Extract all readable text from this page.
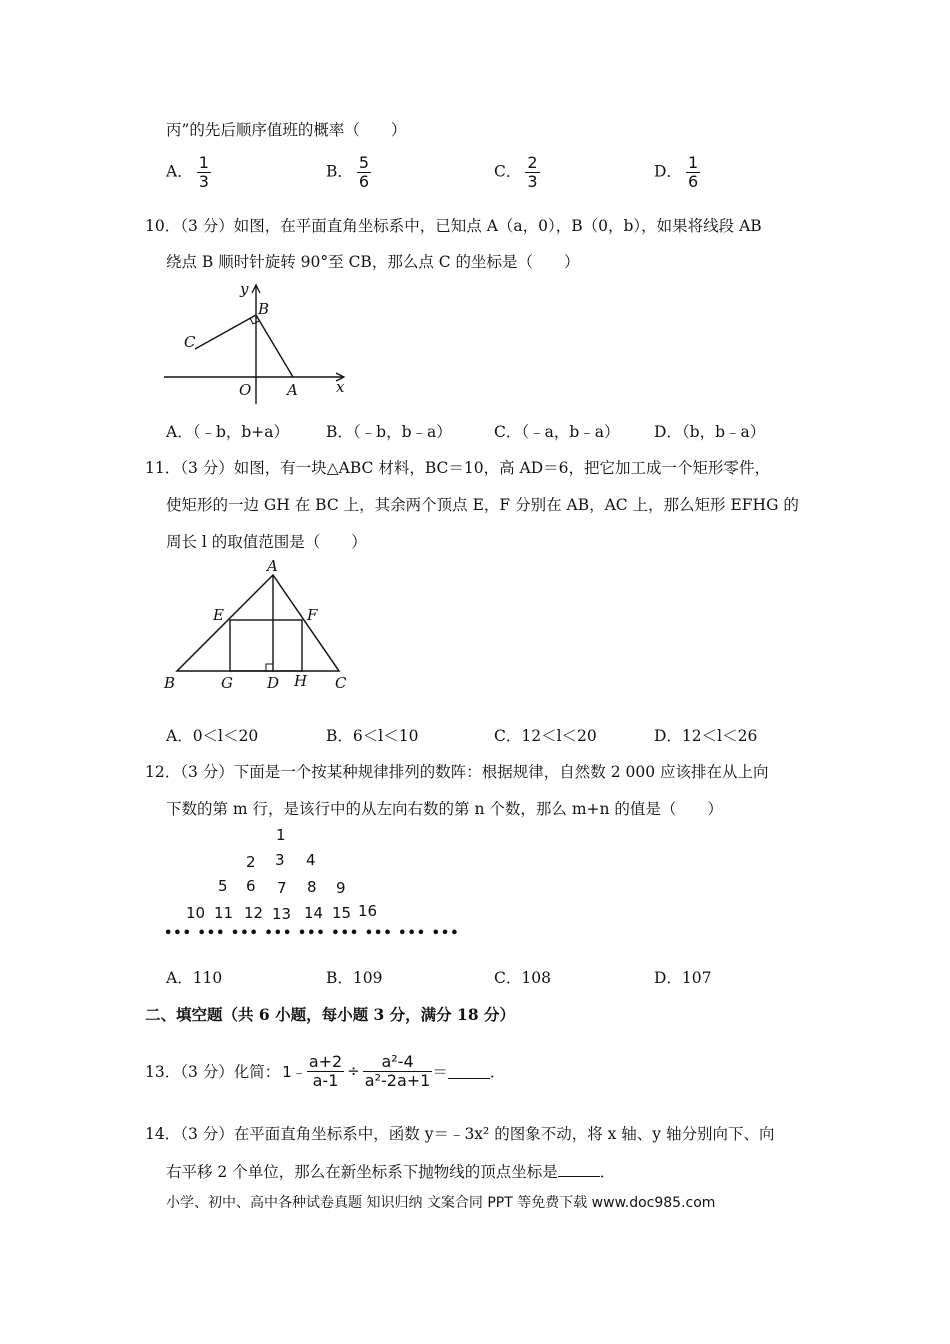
丙”的先后顺序值班的概率（　　）
A． $\frac{1}{3}$	B． $\frac{5}{6}$	C． $\frac{2}{3}$	D． $\frac{1}{6}$
10．（3 分）如图，在平面直角坐标系中，已知点 A（a，0），B（0，b），如果将线段 AB
绕点 B 顺时针旋转 90°至 CB，那么点 C 的坐标是（　　）
y
B
C
O A	x
A．（﹣b，b+a） B．（﹣b，b﹣a）	C．（﹣a，b﹣a） D．（b，b﹣a）
11．（3 分）如图，有一块△ABC 材料，BC＝10，高 AD＝6，把它加工成一个矩形零件，
使矩形的一边 GH 在 BC 上，其余两个顶点 E，F 分别在 AB，AC 上，那么矩形 EFHG 的
周长 l 的取值范围是（　　）
A
E	F
B	G D H C
A．0＜l＜20	B．6＜l＜10	C．12＜l＜20	D．12＜l＜26
12．（3 分）下面是一个按某种规律排列的数阵：根据规律，自然数 2 000 应该排在从上向
下数的第 m 行，是该行中的从左向右数的第 n 个数，那么 m+n 的值是（　　）
1
2 3 4
5 6 7 8 9
10 11 12 13 14 15 16
••• ••• ••• ••• ••• ••• ••• ••• •••
A．110	B．109	C．108	D．107
二、填空题（共 6 小题，每小题 3 分，满分 18 分）
13．（3 分）化简： 1﹣ $\frac{a+2}{a-1} \div \frac{\text{a²-4}}{\text{a²-2a+1}}$ ＝	．
14．（3 分）在平面直角坐标系中，函数 y＝﹣3x² 的图象不动，将 x 轴、y 轴分别向下、向
右平移 2 个单位，那么在新坐标系下抛物线的顶点坐标是	．
小学、初中、高中各种试卷真题 知识归纳 文案合同 PPT 等免费下载 www.doc985.com
